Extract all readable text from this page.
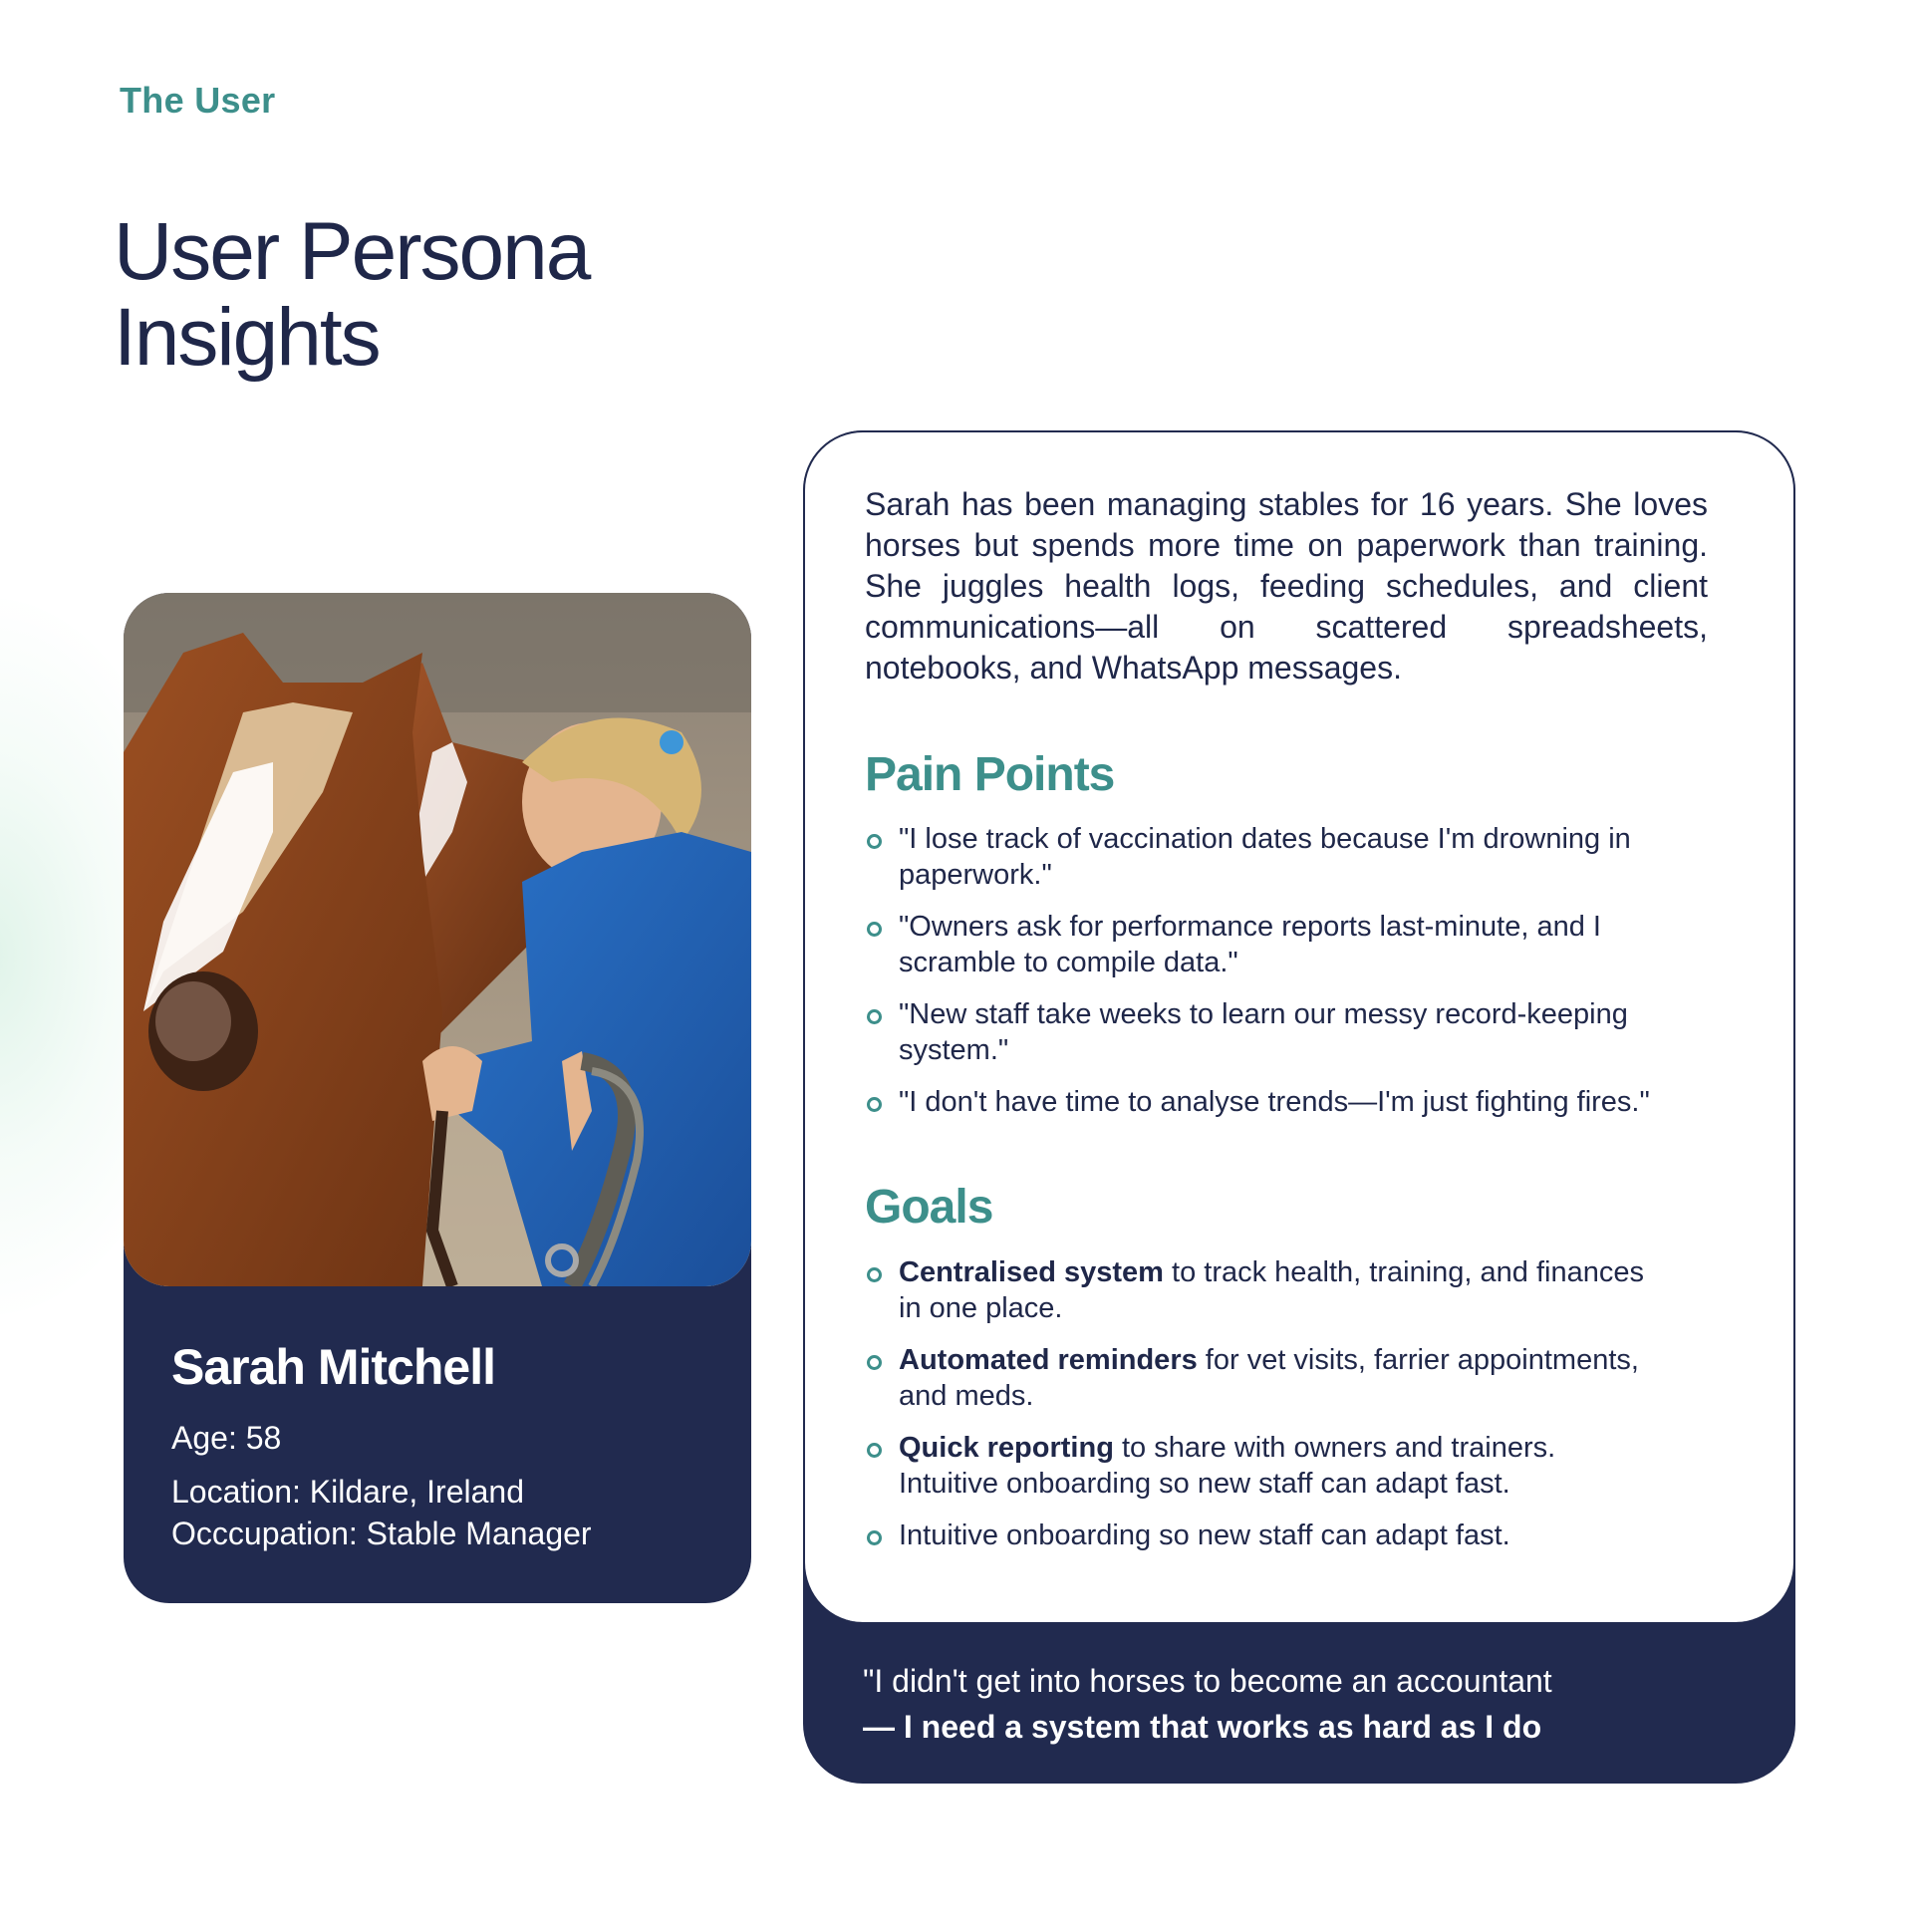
The User
User Persona
Insights
Sarah Mitchell
Age: 58
Location: Kildare, Ireland
Occcupation: Stable Manager

Sarah has been managing stables for 16 years. She loves horses but spends more time on paperwork than training. She juggles health logs, feeding schedules, and client communications—all on scattered spreadsheets, notebooks, and WhatsApp messages.

Pain Points
"I lose track of vaccination dates because I'm drowning in paperwork."
"Owners ask for performance reports last-minute, and I scramble to compile data."
"New staff take weeks to learn our messy record-keeping system."
"I don't have time to analyse trends—I'm just fighting fires."
Goals
Centralised system to track health, training, and finances in one place.
Automated reminders for vet visits, farrier appointments, and meds.
Quick reporting to share with owners and trainers. Intuitive onboarding so new staff can adapt fast.
Intuitive onboarding so new staff can adapt fast.
"I didn't get into horses to become an accountant
— I need a system that works as hard as I do
